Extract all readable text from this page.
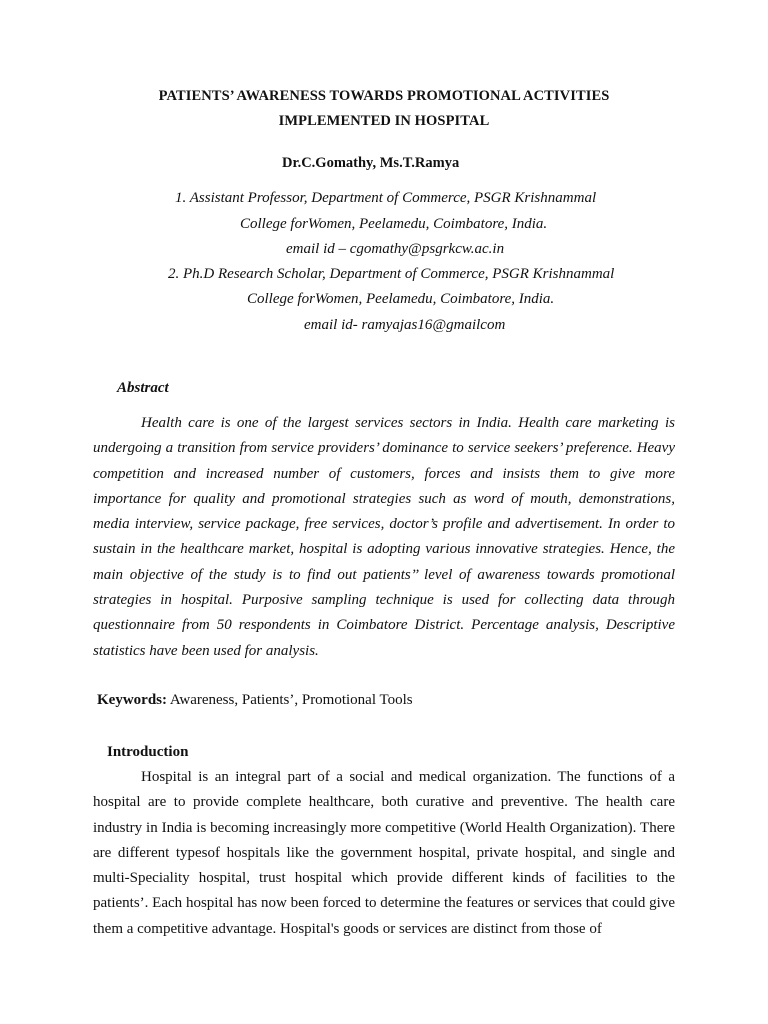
PATIENTS’ AWARENESS TOWARDS PROMOTIONAL ACTIVITIES
IMPLEMENTED IN HOSPITAL
Dr.C.Gomathy, Ms.T.Ramya
1. Assistant Professor, Department of Commerce, PSGR Krishnammal
College forWomen, Peelamedu, Coimbatore, India.
email id – cgomathy@psgrkcw.ac.in
2. Ph.D Research Scholar, Department of Commerce, PSGR Krishnammal
College forWomen, Peelamedu, Coimbatore, India.
email id- ramyajas16@gmailcom
Abstract

Health care is one of the largest services sectors in India. Health care marketing is undergoing a transition from service providers’ dominance to service seekers’ preference. Heavy competition and increased number of customers, forces and insists them to give more importance for quality and promotional strategies such as word of mouth, demonstrations, media interview, service package, free services, doctor’s profile and advertisement. In order to sustain in the healthcare market, hospital is adopting various innovative strategies. Hence, the main objective of the study is to find out patients’’ level of awareness towards promotional strategies in hospital. Purposive sampling technique is used for collecting data through questionnaire from 50 respondents in Coimbatore District. Percentage analysis, Descriptive statistics have been used for analysis.

Keywords: Awareness, Patients’, Promotional Tools
Introduction

Hospital is an integral part of a social and medical organization. The functions of a hospital are to provide complete healthcare, both curative and preventive. The health care industry in India is becoming increasingly more competitive (World Health Organization). There are different typesof hospitals like the government hospital, private hospital, and single and multi-Speciality hospital, trust hospital which provide different kinds of facilities to the patients’. Each hospital has now been forced to determine the features or services that could give them a competitive advantage. Hospital's goods or services are distinct from those of
